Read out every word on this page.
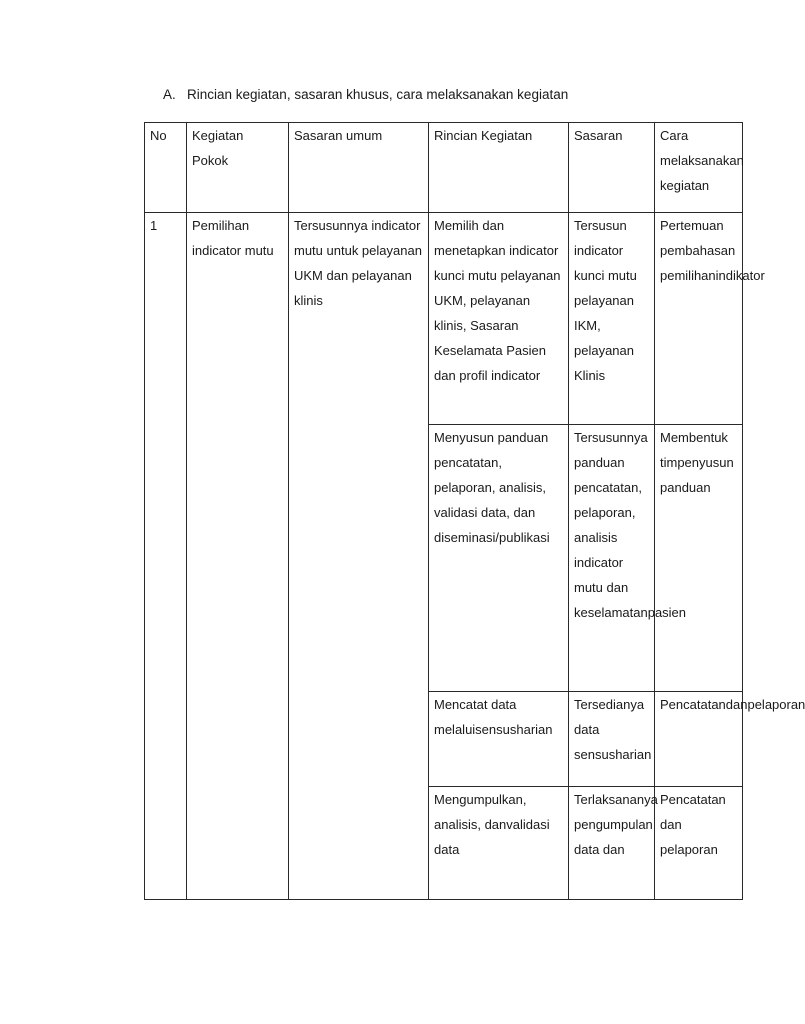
A. Rincian kegiatan, sasaran khusus, cara melaksanakan kegiatan
No	Kegiatan Pokok	Sasaran umum	Rincian Kegiatan	Sasaran	Cara melaksanakan kegiatan
1	Pemilihan indicator mutu	Tersusunnya indicator mutu untuk pelayanan UKM dan pelayanan klinis	Memilih dan menetapkan indicator kunci mutu pelayanan UKM, pelayanan klinis, Sasaran Keselamata Pasien dan profil indicator	Tersusun indicator kunci mutu pelayanan IKM, pelayanan Klinis	Pertemuan pembahasan pemilihanindikator
			Menyusun panduan pencatatan, pelaporan, analisis, validasi data, dan diseminasi/publikasi	Tersusunnya panduan pencatatan, pelaporan, analisis indicator mutu dan keselamatanpasien	Membentuk timpenyusun panduan
			Mencatat data melaluisensusharian	Tersedianya data sensusharian	Pencatatandanpelaporan
			Mengumpulkan, analisis, danvalidasi data	Terlaksananya pengumpulan data dan	Pencatatan dan pelaporan
